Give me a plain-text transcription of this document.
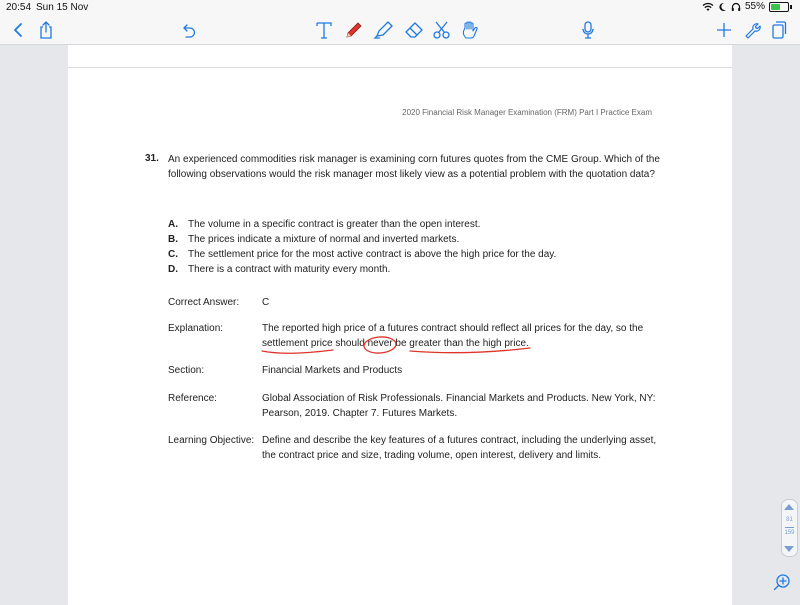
20:54 Sun 15 Nov	55%
2020 Financial Risk Manager Examination (FRM) Part I Practice Exam
31. An experienced commodities risk manager is examining corn futures quotes from the CME Group. Which of the following observations would the risk manager most likely view as a potential problem with the quotation data?
A. The volume in a specific contract is greater than the open interest.
B. The prices indicate a mixture of normal and inverted markets.
C. The settlement price for the most active contract is above the high price for the day.
D. There is a contract with maturity every month.
Correct Answer: C
Explanation:	The reported high price of a futures contract should reflect all prices for the day, so the
settlement price should never be greater than the high price.
Section:	Financial Markets and Products
Reference:	Global Association of Risk Professionals. Financial Markets and Products. New York, NY: Pearson, 2019. Chapter 7. Futures Markets.
Learning Objective: Define and describe the key features of a futures contract, including the underlying asset, the contract price and size, trading volume, open interest, delivery and limits.
81
159
